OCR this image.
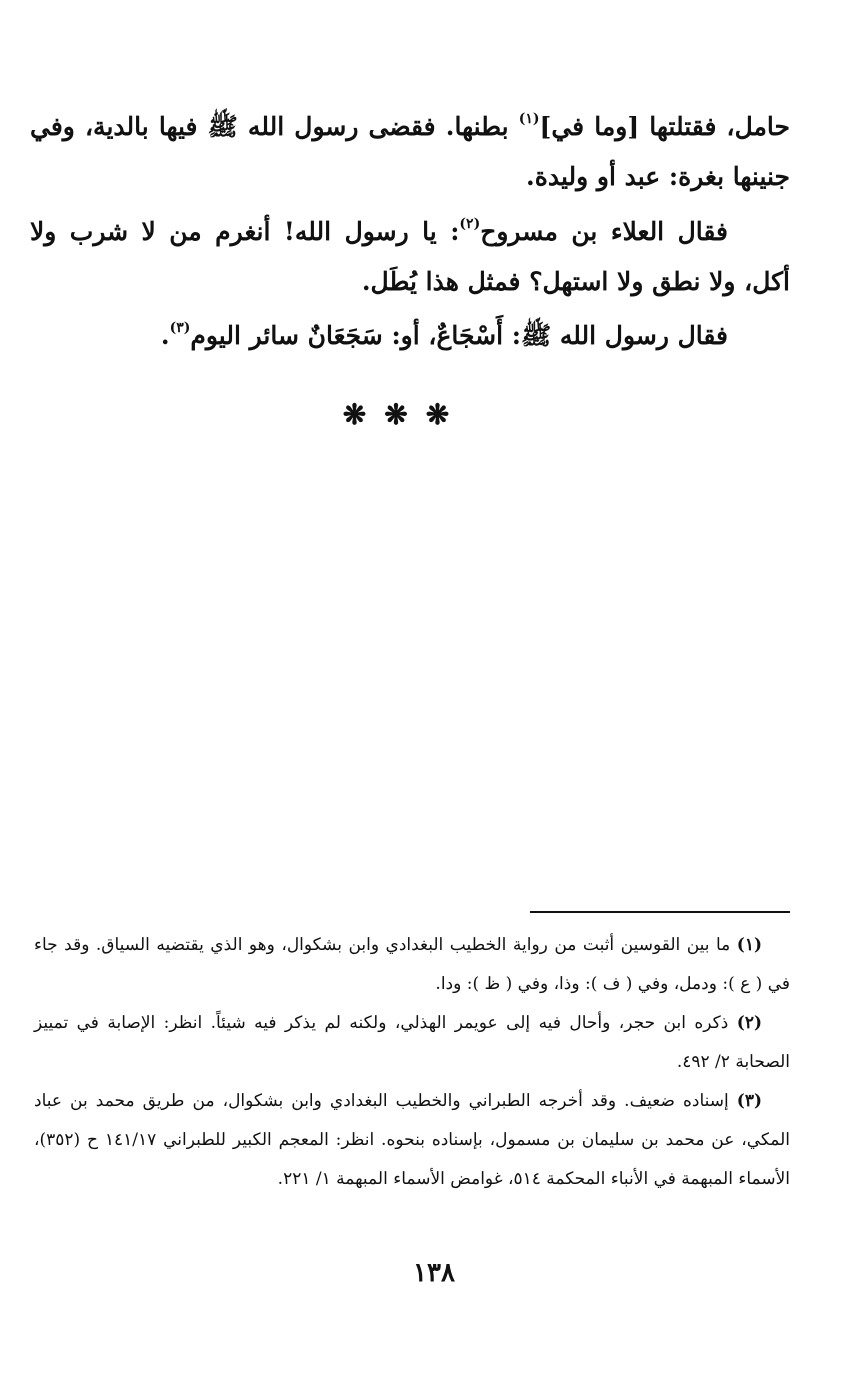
حامل، فقتلتها [وما في]$^{(١)}$ بطنها. فقضى رسول الله ﷺ فيها بالدية، وفي جنينها بغرة: عبد أو وليدة.
فقال العلاء بن مسروح$^{(٢)}$: يا رسول الله! أنغرم من لا شرب ولا أكل، ولا نطق ولا استهل؟ فمثل هذا يُطَل.
فقال رسول الله ﷺ: أَسْجَاعٌ، أو: سَجَعَانٌ سائر اليوم$^{(٣)}$.
❋❋❋

(١) ما بين القوسين أثبت من رواية الخطيب البغدادي وابن بشكوال، وهو الذي يقتضيه السياق. وقد جاء في ( ع ): ودمل، وفي ( ف ): وذا، وفي ( ظ ): ودا.

(٢) ذكره ابن حجر، وأحال فيه إلى عويمر الهذلي، ولكنه لم يذكر فيه شيئاً. انظر: الإصابة في تمييز الصحابة ٢/ ٤٩٢.

(٣) إسناده ضعيف. وقد أخرجه الطبراني والخطيب البغدادي وابن بشكوال، من طريق محمد بن عباد المكي، عن محمد بن سليمان بن مسمول، بإسناده بنحوه. انظر: المعجم الكبير للطبراني ١٤١/١٧ ح (٣٥٢)، الأسماء المبهمة في الأنباء المحكمة ٥١٤، غوامض الأسماء المبهمة ١/ ٢٢١.

١٣٨
